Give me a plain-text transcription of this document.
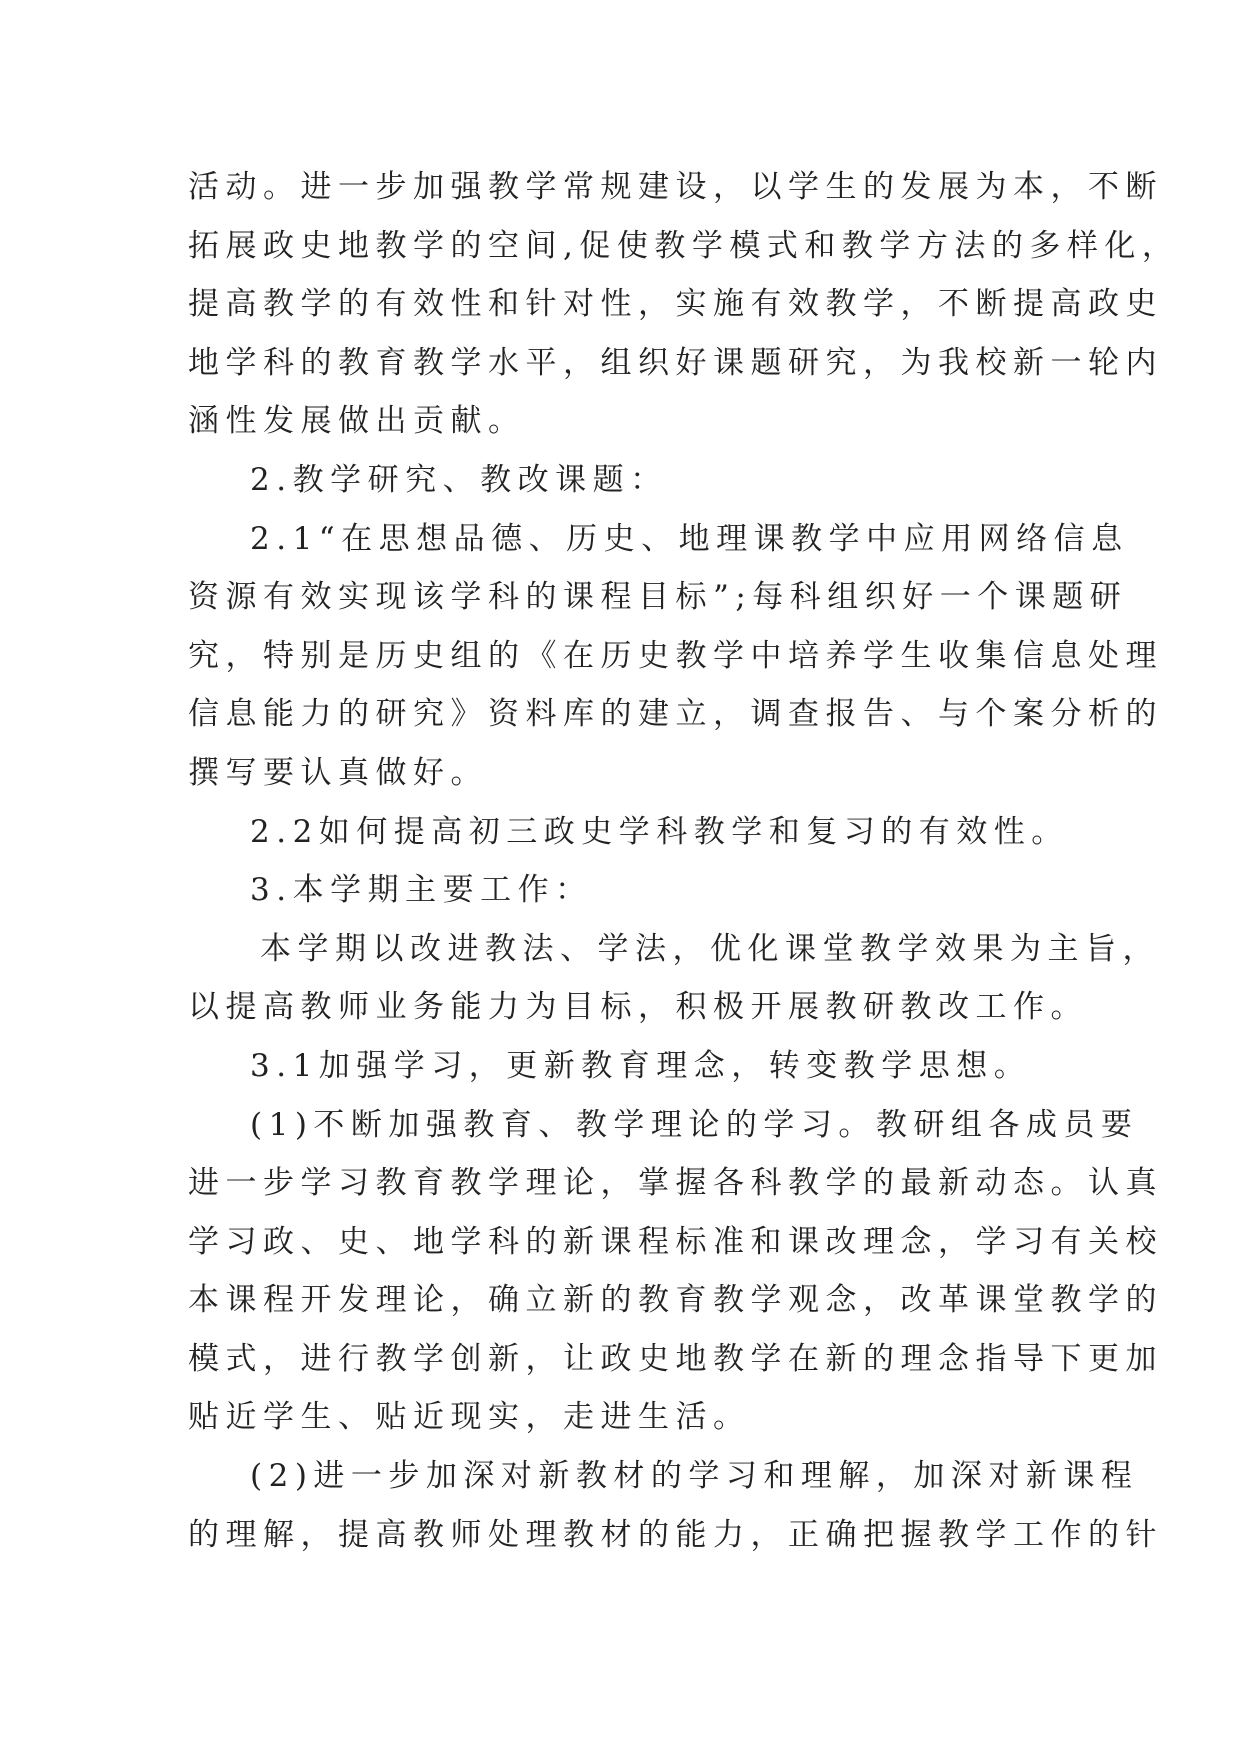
活动。进一步加强教学常规建设，以学生的发展为本，不断
拓展政史地教学的空间,促使教学模式和教学方法的多样化，
提高教学的有效性和针对性，实施有效教学，不断提高政史
地学科的教育教学水平，组织好课题研究，为我校新一轮内
涵性发展做出贡献。
2.教学研究、教改课题：
2.1“在思想品德、历史、地理课教学中应用网络信息
资源有效实现该学科的课程目标”;每科组织好一个课题研
究，特别是历史组的《在历史教学中培养学生收集信息处理
信息能力的研究》资料库的建立，调查报告、与个案分析的
撰写要认真做好。
2.2如何提高初三政史学科教学和复习的有效性。
3.本学期主要工作：
本学期以改进教法、学法，优化课堂教学效果为主旨，
以提高教师业务能力为目标，积极开展教研教改工作。
3.1加强学习，更新教育理念，转变教学思想。
(1)不断加强教育、教学理论的学习。教研组各成员要
进一步学习教育教学理论，掌握各科教学的最新动态。认真
学习政、史、地学科的新课程标准和课改理念，学习有关校
本课程开发理论，确立新的教育教学观念，改革课堂教学的
模式，进行教学创新，让政史地教学在新的理念指导下更加
贴近学生、贴近现实，走进生活。
(2)进一步加深对新教材的学习和理解，加深对新课程
的理解，提高教师处理教材的能力，正确把握教学工作的针
